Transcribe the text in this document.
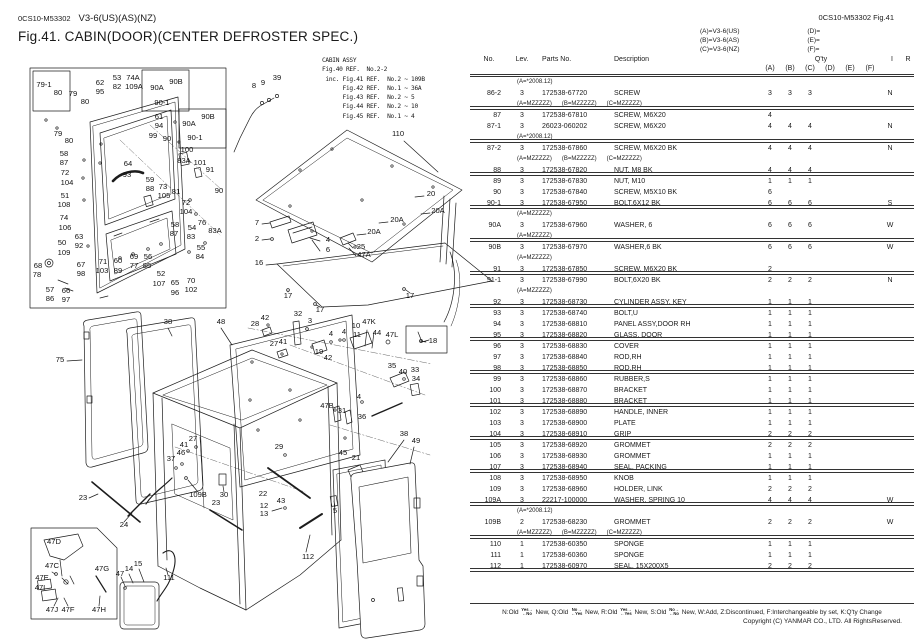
0CS10-M53302 V3-6(US)(AS)(NZ)
Fig.41. CABIN(DOOR)(CENTER DEFROSTER SPEC.)
0CS10-M53302 Fig.41
(A)=V3-6(US)
(B)=V3-6(AS)
(C)=V3-6(NZ)

(D)=
(E)=
(F)=
79-1
80 79
80
62
95
53
82
74A
109A 90A
90B
90-1
90A
90B
90-1
79
80
61
94
99 90
100
83A 101
91
90
58
87
72
104
64
93
51
108
59
88 73
105 81
74
106
63
92
72
104
58
87
54
83
76
83A
55
84
50
109
68
78
67
98
57
86
66
97
71
103
60
89
69
77
56
85
52
107 65
96
70
102
8 9
39
110
20
20A
20A
20A
7
2	4
6	25
47A
16
17	17
17
28
42	32
3
27 41
19
42
4 4
10
11
47K
44 47L
18
35
40 33
34
4
47B
31
36
38
49
29
45
21
22
43
12
13	5
112
75
38	48
27
41
46
37
109B 30
23
23
24
47D
47C
47E
47I
47J 47F
47G
47H
47
14
15
111
CABIN ASSY
Fig.40 REF.  No.2-2
inc. Fig.41 REF.  No.2 ~ 109B
Fig.42 REF.  No.1 ~ 36A
Fig.43 REF.  No.2 ~ 5
Fig.44 REF.  No.2 ~ 10
Fig.45 REF.  No.1 ~ 4
No.	Lev.	Parts No.	Description	Q'ty	I	R
(A)	(B)	(C)	(D)	(E)	(F)
(A=*2008.12)
86-2	3	172538-67720	SCREW	3	3	3	N
(A=MZZZZZ)      (B=MZZZZZ)      (C=MZZZZZ)
87	3	172538-67810	SCREW, M6X20	4
87-1	3	26023-060202	SCREW, M6X20	4	4	4	N
(A=*2008.12)
87-2	3	172538-67860	SCREW, M6X20 BK	4	4	4	N
(A=MZZZZZ)      (B=MZZZZZ)      (C=MZZZZZ)
88	3	172538-67820	NUT, M8 BK	4	4	4
89	3	172538-67830	NUT, M10	1	1	1
90	3	172538-67840	SCREW, M5X10 BK	6
90-1	3	172538-67950	BOLT,6X12 BK	6	6	6	S
(A=MZZZZZ)
90A	3	172538-67960	WASHER, 6	6	6	6	W
(A=MZZZZZ)
90B	3	172538-67970	WASHER,6 BK	6	6	6	W
(A=MZZZZZ)
91	3	172538-67850	SCREW, M6X20 BK	2
91-1	3	172538-67990	BOLT,6X20 BK	2	2	2	N
(A=MZZZZZ)
92	3	172538-68730	CYLINDER ASSY, KEY	1	1	1
93	3	172538-68740	BOLT,U	1	1	1
94	3	172538-68810	PANEL ASSY,DOOR RH	1	1	1
95	3	172538-68820	GLASS, DOOR	1	1	1
96	3	172538-68830	COVER	1	1	1
97	3	172538-68840	ROD,RH	1	1	1
98	3	172538-68850	ROD,RH	1	1	1
99	3	172538-68860	RUBBER,S	1	1	1
100	3	172538-68870	BRACKET	1	1	1
101	3	172538-68880	BRACKET	1	1	1
102	3	172538-68890	HANDLE, INNER	1	1	1
103	3	172538-68900	PLATE	1	1	1
104	3	172538-68910	GRIP	2	2	2
105	3	172538-68920	GROMMET	2	2	2
106	3	172538-68930	GROMMET	1	1	1
107	3	172538-68940	SEAL, PACKING	1	1	1
108	3	172538-68950	KNOB	1	1	1
109	3	172538-68960	HOLDER, LINK	2	2	2
109A	3	22217-100000	WASHER, SPRING 10	4	4	4	W
(A=*2008.12)
109B	2	172538-68230	GROMMET	2	2	2	W
(A=MZZZZZ)      (B=MZZZZZ)      (C=MZZZZZ)
110	1	172538-60350	SPONGE	1	1	1
111	1	172538-60360	SPONGE	1	1	1
112	1	172538-60970	SEAL, 15X200X5	2	2	2
N:Old Yes→
←No New, Q:Old No→
←Yes New, R:Old Yes→
←Yes New, S:Old No→
←No New, W:Add, Z:Discontinued, F:Interchangeable by set, K:Q'ty Change
Copyright (C) YANMAR CO., LTD. All RightsReserved.
